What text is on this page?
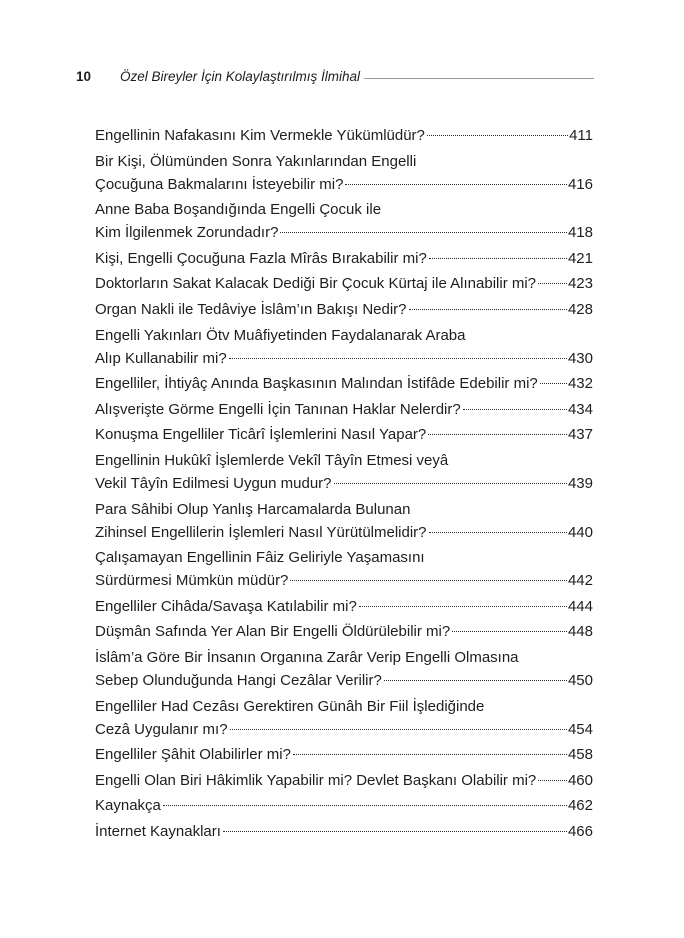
10	Özel Bireyler İçin Kolaylaştırılmış İlmihal
Engellinin Nafakasını Kim Vermekle Yükümlüdür?	411
Bir Kişi, Ölümünden Sonra Yakınlarından Engelli
Çocuğuna Bakmalarını İsteyebilir mi?	416
Anne Baba Boşandığında Engelli Çocuk ile
Kim İlgilenmek Zorundadır?	418
Kişi, Engelli Çocuğuna Fazla Mîrâs Bırakabilir mi?	421
Doktorların Sakat Kalacak Dediği Bir Çocuk Kürtaj ile Alınabilir mi? 423
Organ Nakli ile Tedâviye İslâm’ın Bakışı Nedir?	428
Engelli Yakınları Ötv Muâfiyetinden Faydalanarak Araba
Alıp Kullanabilir mi?	430
Engelliler, İhtiyâç Anında Başkasının Malından İstifâde Edebilir mi? 432
Alışverişte Görme Engelli İçin Tanınan Haklar Nelerdir?	434
Konuşma Engelliler Ticârî İşlemlerini Nasıl Yapar?	437
Engellinin Hukûkî İşlemlerde Vekîl Tâyîn Etmesi veyâ
Vekil Tâyîn Edilmesi Uygun mudur?	439
Para Sâhibi Olup Yanlış Harcamalarda Bulunan
Zihinsel Engellilerin İşlemleri Nasıl Yürütülmelidir?	440
Çalışamayan Engellinin Fâiz Geliriyle Yaşamasını
Sürdürmesi Mümkün müdür?	442
Engelliler Cihâda/Savaşa Katılabilir mi?	444
Düşmân Safında Yer Alan Bir Engelli Öldürülebilir mi?	448
İslâm’a Göre Bir İnsanın Organına Zarâr Verip Engelli Olmasına
Sebep Olunduğunda Hangi Cezâlar Verilir?	450
Engelliler Had Cezâsı Gerektiren Günâh Bir Fiil İşlediğinde
Cezâ Uygulanır mı?	454
Engelliler Şâhit Olabilirler mi?	458
Engelli Olan Biri Hâkimlik Yapabilir mi? Devlet Başkanı Olabilir mi? 460
Kaynakça	462
İnternet Kaynakları	466
